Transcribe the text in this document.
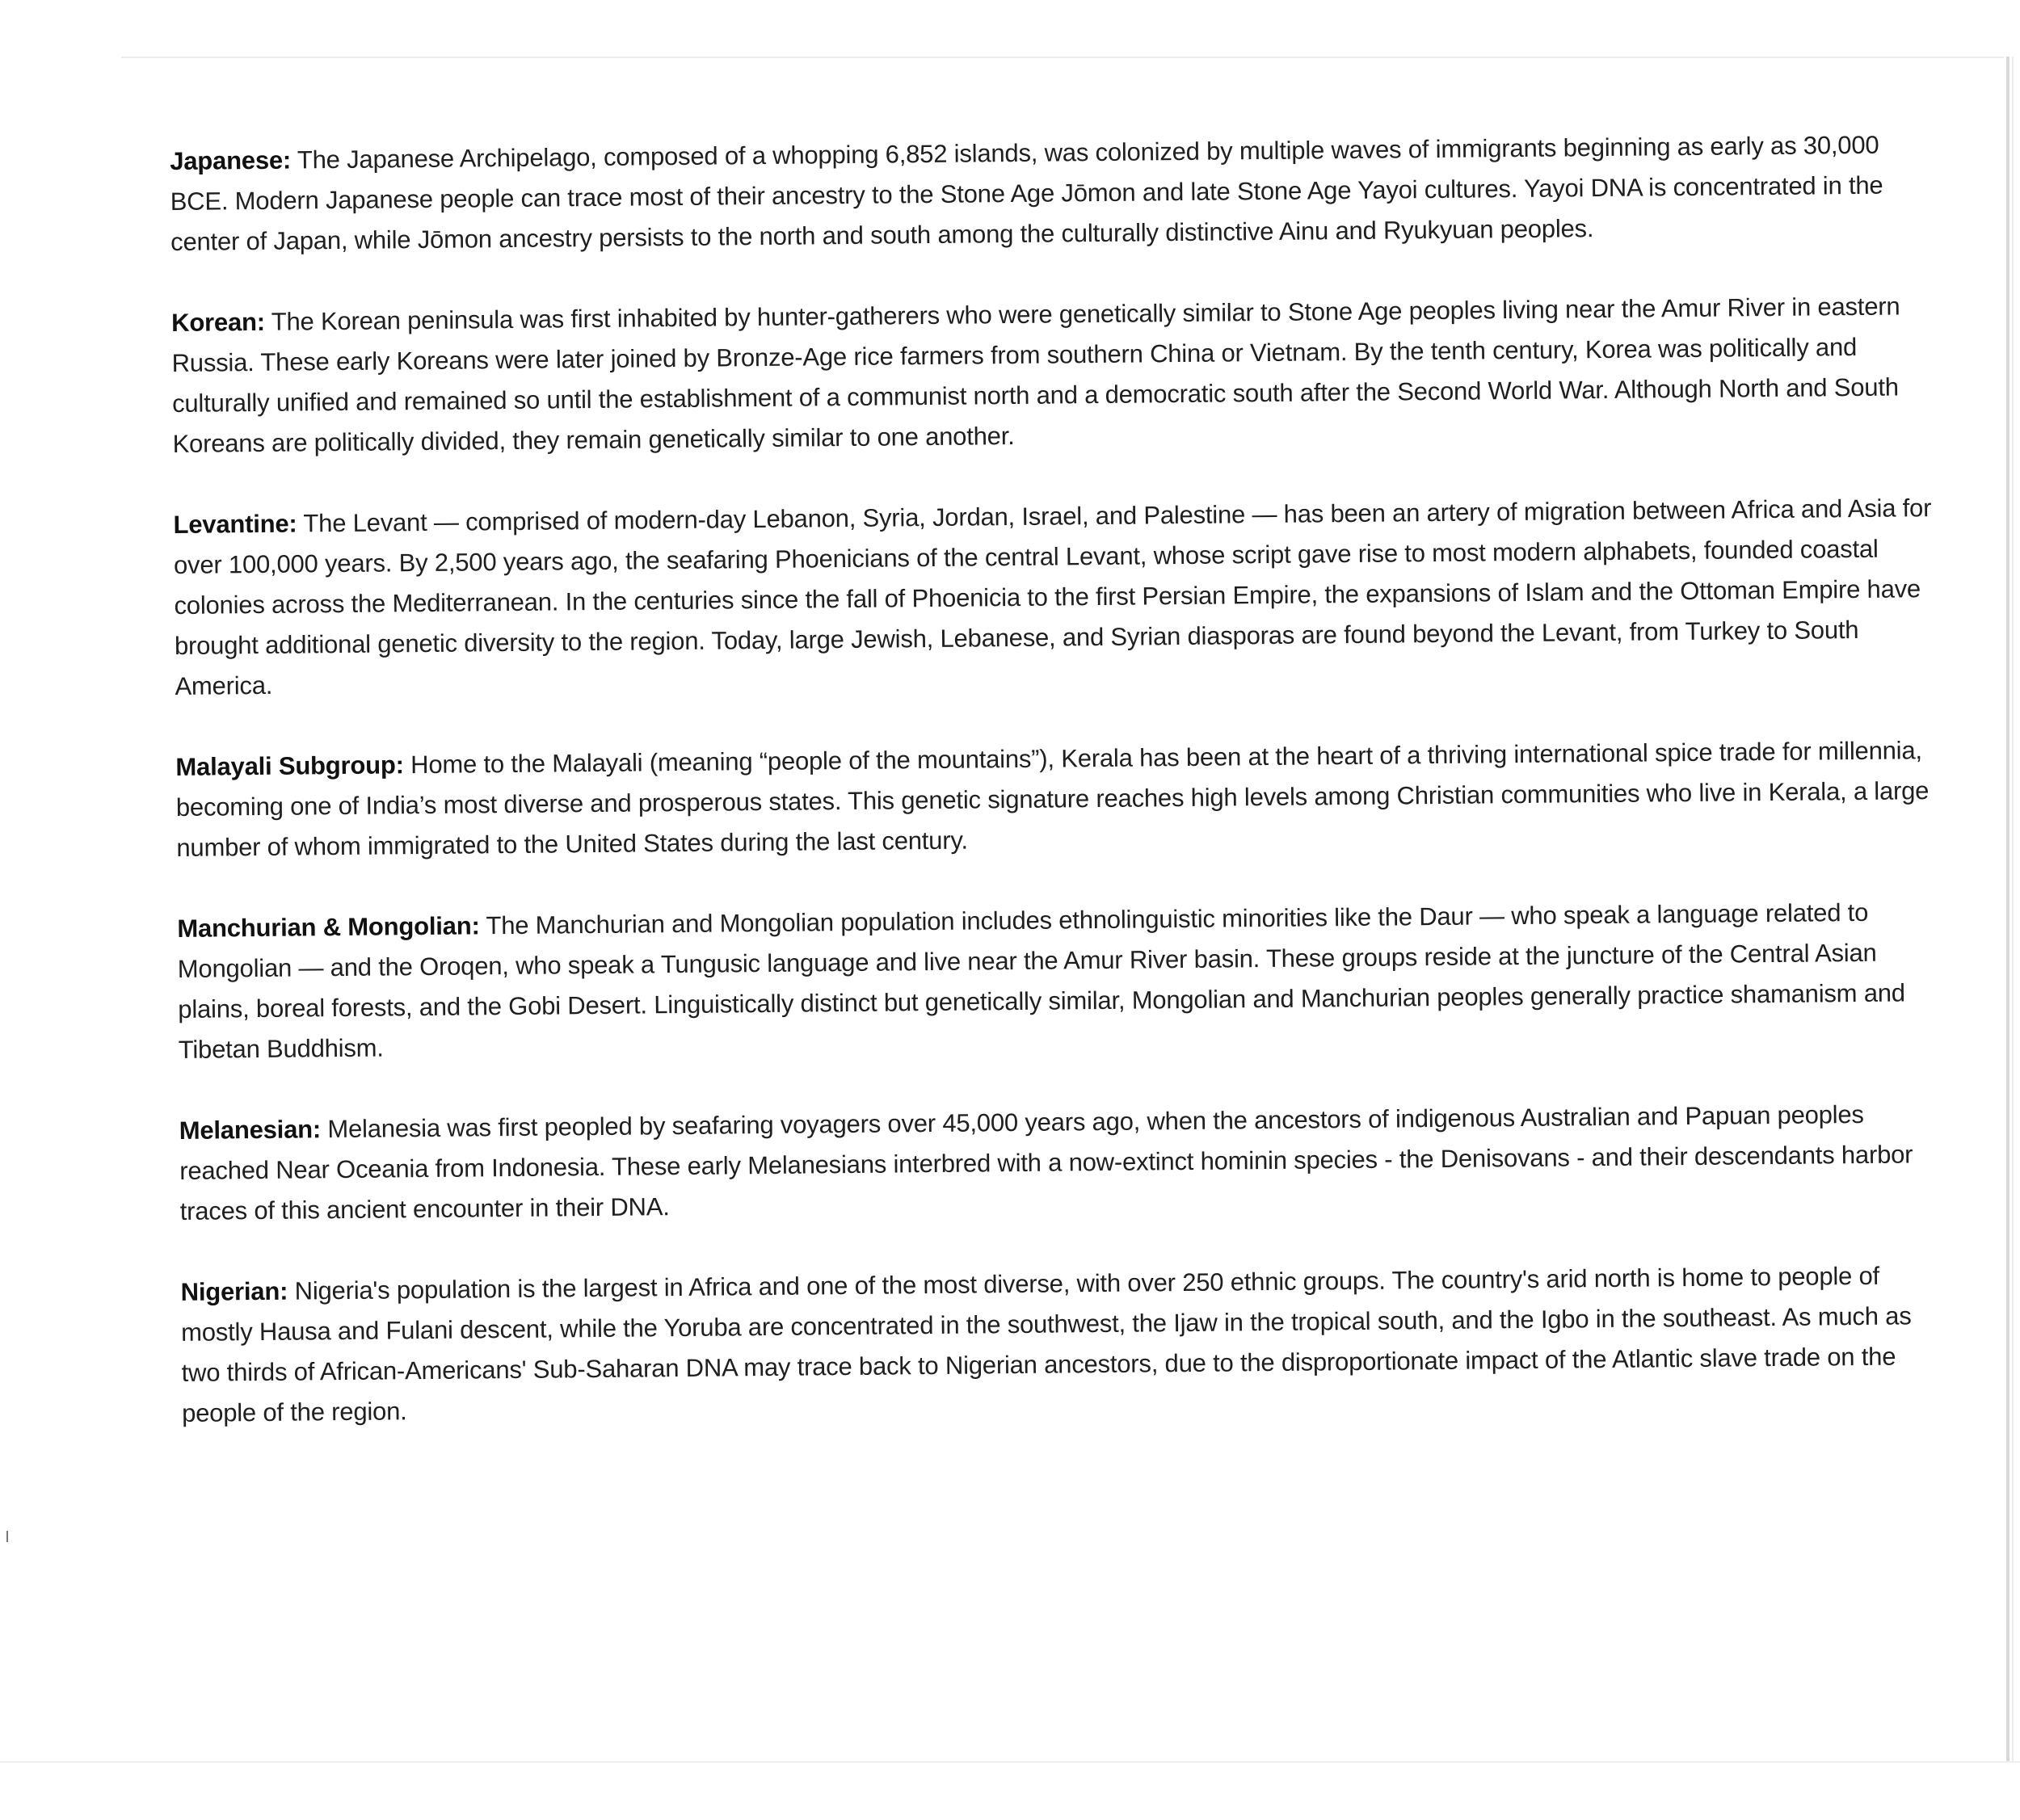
Japanese: The Japanese Archipelago, composed of a whopping 6,852 islands, was colonized by multiple waves of immigrants beginning as early as 30,000 BCE. Modern Japanese people can trace most of their ancestry to the Stone Age Jōmon and late Stone Age Yayoi cultures. Yayoi DNA is concentrated in the center of Japan, while Jōmon ancestry persists to the north and south among the culturally distinctive Ainu and Ryukyuan peoples.

Korean: The Korean peninsula was first inhabited by hunter-gatherers who were genetically similar to Stone Age peoples living near the Amur River in eastern Russia. These early Koreans were later joined by Bronze-Age rice farmers from southern China or Vietnam. By the tenth century, Korea was politically and culturally unified and remained so until the establishment of a communist north and a democratic south after the Second World War. Although North and South Koreans are politically divided, they remain genetically similar to one another.

Levantine: The Levant — comprised of modern-day Lebanon, Syria, Jordan, Israel, and Palestine — has been an artery of migration between Africa and Asia for over 100,000 years. By 2,500 years ago, the seafaring Phoenicians of the central Levant, whose script gave rise to most modern alphabets, founded coastal colonies across the Mediterranean. In the centuries since the fall of Phoenicia to the first Persian Empire, the expansions of Islam and the Ottoman Empire have brought additional genetic diversity to the region. Today, large Jewish, Lebanese, and Syrian diasporas are found beyond the Levant, from Turkey to South America.

Malayali Subgroup: Home to the Malayali (meaning “people of the mountains”), Kerala has been at the heart of a thriving international spice trade for millennia, becoming one of India’s most diverse and prosperous states. This genetic signature reaches high levels among Christian communities who live in Kerala, a large number of whom immigrated to the United States during the last century.

Manchurian & Mongolian: The Manchurian and Mongolian population includes ethnolinguistic minorities like the Daur — who speak a language related to Mongolian — and the Oroqen, who speak a Tungusic language and live near the Amur River basin. These groups reside at the juncture of the Central Asian plains, boreal forests, and the Gobi Desert. Linguistically distinct but genetically similar, Mongolian and Manchurian peoples generally practice shamanism and Tibetan Buddhism.

Melanesian: Melanesia was first peopled by seafaring voyagers over 45,000 years ago, when the ancestors of indigenous Australian and Papuan peoples reached Near Oceania from Indonesia. These early Melanesians interbred with a now-extinct hominin species - the Denisovans - and their descendants harbor traces of this ancient encounter in their DNA.

Nigerian: Nigeria's population is the largest in Africa and one of the most diverse, with over 250 ethnic groups. The country's arid north is home to people of mostly Hausa and Fulani descent, while the Yoruba are concentrated in the southwest, the Ijaw in the tropical south, and the Igbo in the southeast. As much as two thirds of African-Americans' Sub-Saharan DNA may trace back to Nigerian ancestors, due to the disproportionate impact of the Atlantic slave trade on the people of the region.
